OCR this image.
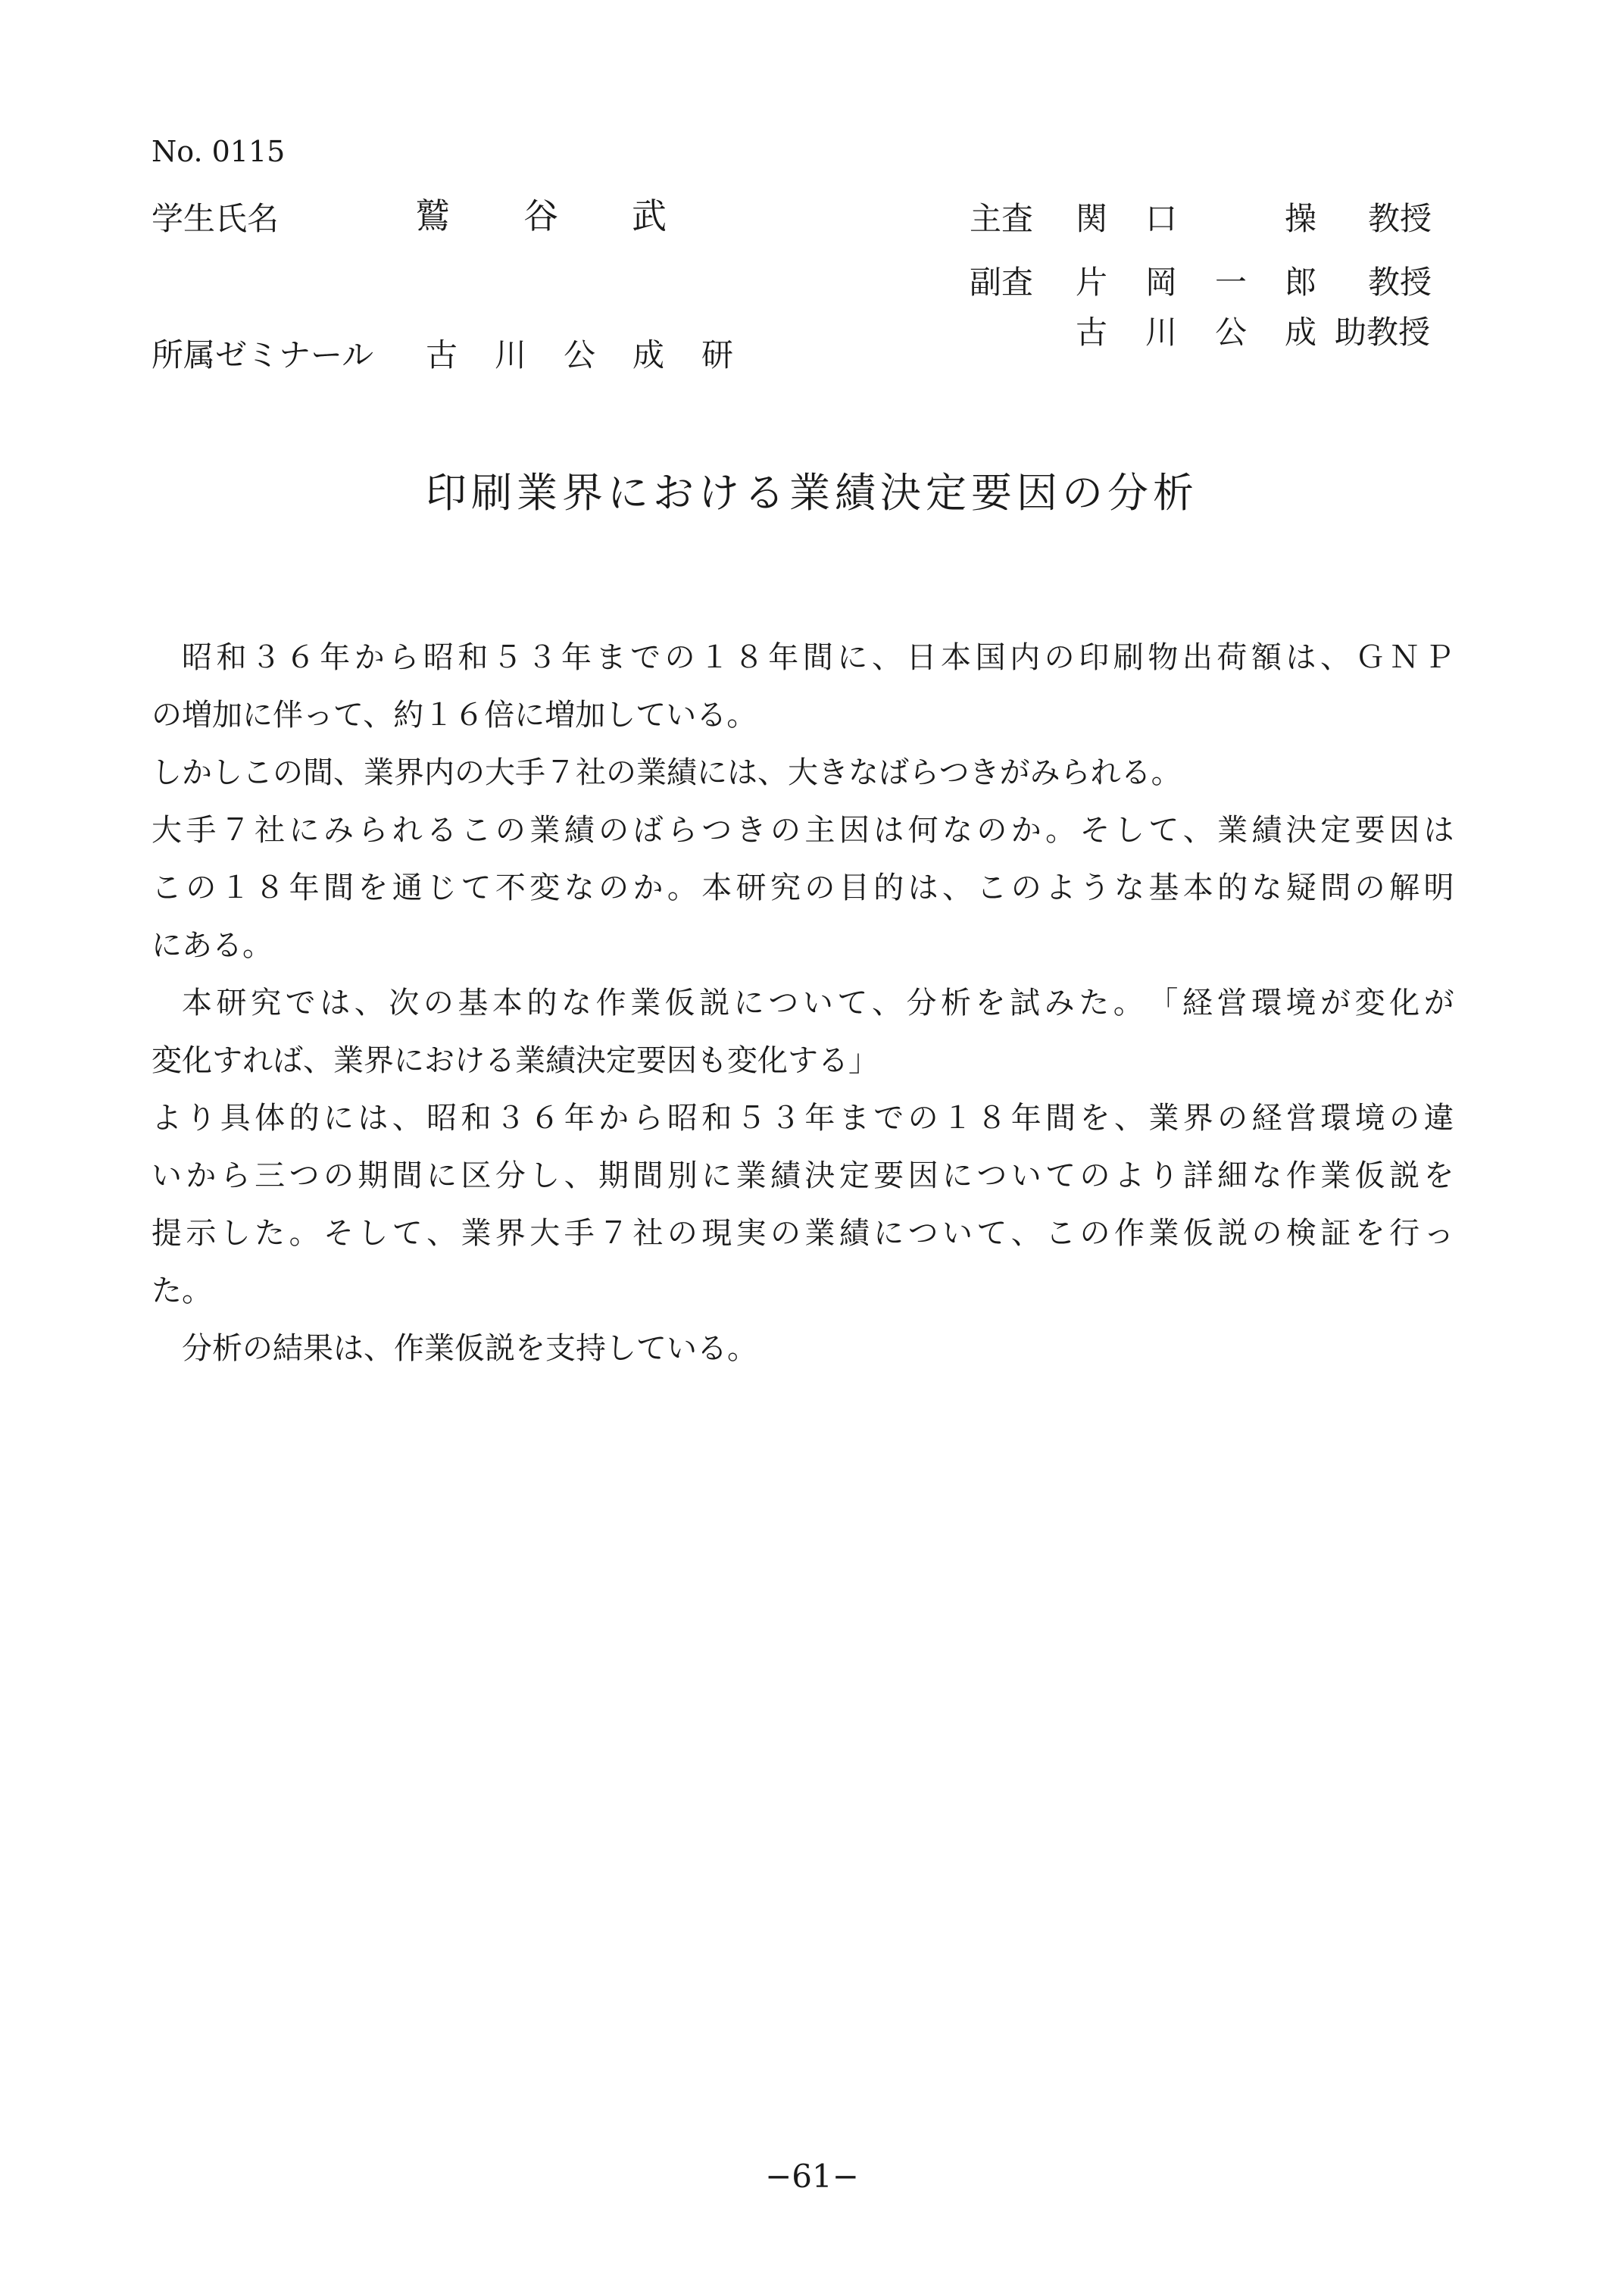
No. 0115
学生氏名	鷲 谷 武	主査 関 口	操 教授
副査 片 岡 一 郎 教授
古 川 公 成 助教授
所属ゼミナール 古 川 公 成 研
印刷業界における業績決定要因の分析
昭 和 ３ ６ 年 か ら 昭 和 ５ ３ 年 ま で の １ ８ 年 間 に 、 日 本 国 内 の 印 刷 物 出 荷 額 は 、 Ｇ Ｎ Ｐ
の増加に伴って、約１６倍に増加している。
しかしこの間、業界内の大手７社の業績には、大きなばらつきがみられる。
大 手 ７ 社 に み ら れ る こ の 業 績 の ば ら つ き の 主 因 は 何 な の か 。 そ し て 、 業 績 決 定 要 因 は
こ の １ ８ 年 間 を 通 じ て 不 変 な の か 。 本 研 究 の 目 的 は 、 こ の よ う な 基 本 的 な 疑 問 の 解 明
にある。
本 研 究 で は 、 次 の 基 本 的 な 作 業 仮 説 に つ い て 、 分 析 を 試 み た 。 「 経 営 環 境 が 変 化 が
変化すれば、業界における業績決定要因も変化する」
よ り 具 体 的 に は 、 昭 和 ３ ６ 年 か ら 昭 和 ５ ３ 年 ま で の １ ８ 年 間 を 、 業 界 の 経 営 環 境 の 違
い か ら 三 つ の 期 間 に 区 分 し 、 期 間 別 に 業 績 決 定 要 因 に つ い て の よ り 詳 細 な 作 業 仮 説 を
提 示 し た 。 そ し て 、 業 界 大 手 ７ 社 の 現 実 の 業 績 に つ い て 、 こ の 作 業 仮 説 の 検 証 を 行 っ
た。
分析の結果は、作業仮説を支持している。
−61−
